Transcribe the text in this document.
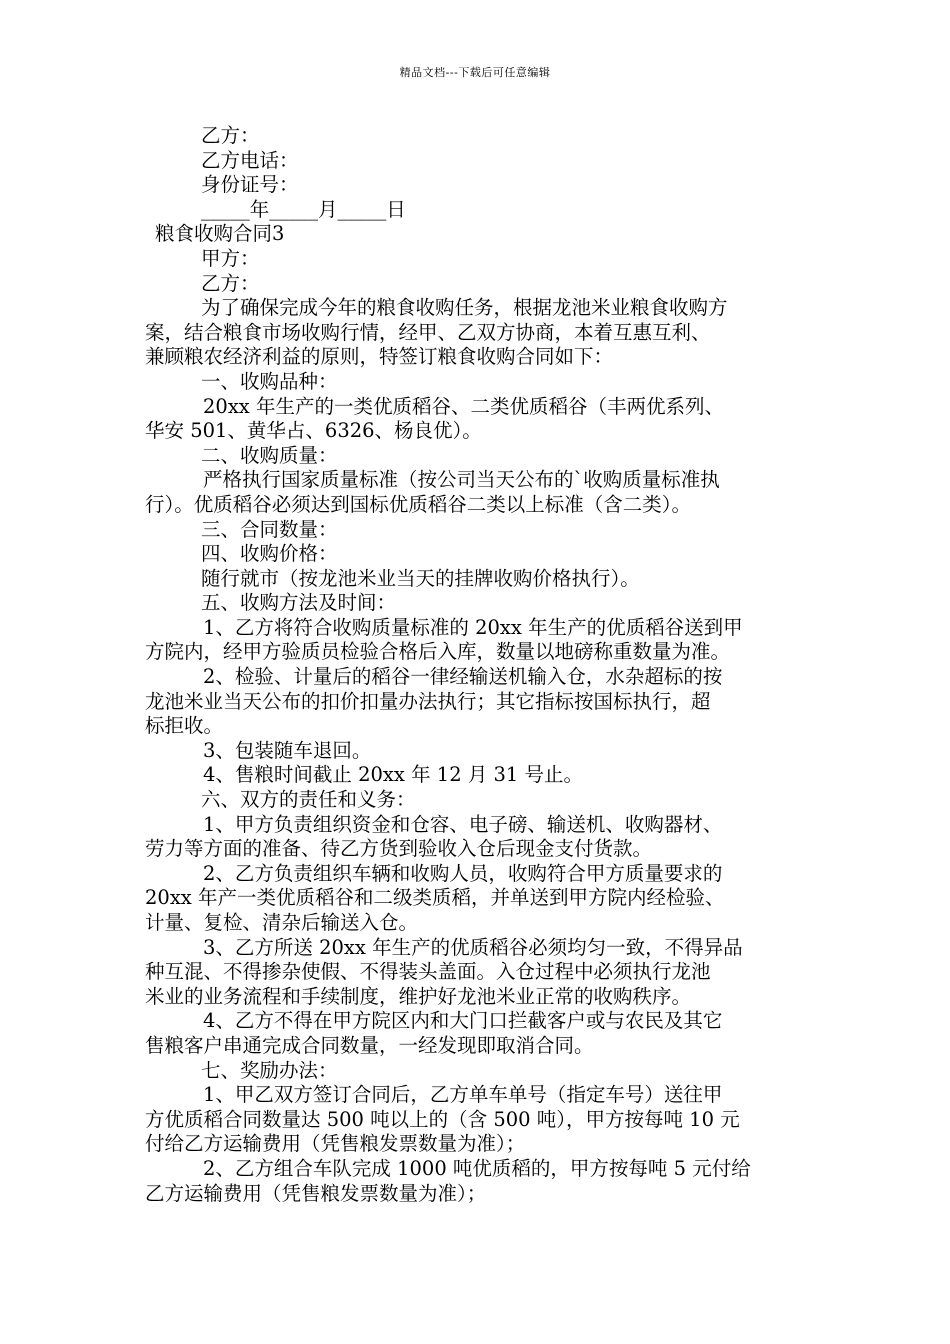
精品文档---下载后可任意编辑

乙方：

乙方电话：

身份证号：

_____年_____月_____日

粮食收购合同3

甲方：

乙方：

为了确保完成今年的粮食收购任务，根据龙池米业粮食收购方

案，结合粮食市场收购行情，经甲、乙双方协商，本着互惠互利、

兼顾粮农经济利益的原则，特签订粮食收购合同如下：

一、收购品种：

20xx 年生产的一类优质稻谷、二类优质稻谷（丰两优系列、

华安 501、黄华占、6326、杨良优）。

二、收购质量：

严格执行国家质量标准（按公司当天公布的`收购质量标准执

行）。优质稻谷必须达到国标优质稻谷二类以上标准（含二类）。

三、合同数量：

四、收购价格：

随行就市（按龙池米业当天的挂牌收购价格执行）。

五、收购方法及时间：

1、乙方将符合收购质量标准的 20xx 年生产的优质稻谷送到甲

方院内，经甲方验质员检验合格后入库，数量以地磅称重数量为准。

2、检验、计量后的稻谷一律经输送机输入仓，水杂超标的按

龙池米业当天公布的扣价扣量办法执行；其它指标按国标执行，超

标拒收。

3、包装随车退回。

4、售粮时间截止 20xx 年 12 月 31 号止。

六、双方的责任和义务：

1、甲方负责组织资金和仓容、电子磅、输送机、收购器材、

劳力等方面的准备、待乙方货到验收入仓后现金支付货款。

2、乙方负责组织车辆和收购人员，收购符合甲方质量要求的

20xx 年产一类优质稻谷和二级类质稻，并单送到甲方院内经检验、

计量、复检、清杂后输送入仓。

3、乙方所送 20xx 年生产的优质稻谷必须均匀一致，不得异品

种互混、不得掺杂使假、不得装头盖面。入仓过程中必须执行龙池

米业的业务流程和手续制度，维护好龙池米业正常的收购秩序。

4、乙方不得在甲方院区内和大门口拦截客户或与农民及其它

售粮客户串通完成合同数量，一经发现即取消合同。

七、奖励办法：

1、甲乙双方签订合同后，乙方单车单号（指定车号）送往甲

方优质稻合同数量达 500 吨以上的（含 500 吨），甲方按每吨 10 元

付给乙方运输费用（凭售粮发票数量为准）；

2、乙方组合车队完成 1000 吨优质稻的，甲方按每吨 5 元付给

乙方运输费用（凭售粮发票数量为准）；
